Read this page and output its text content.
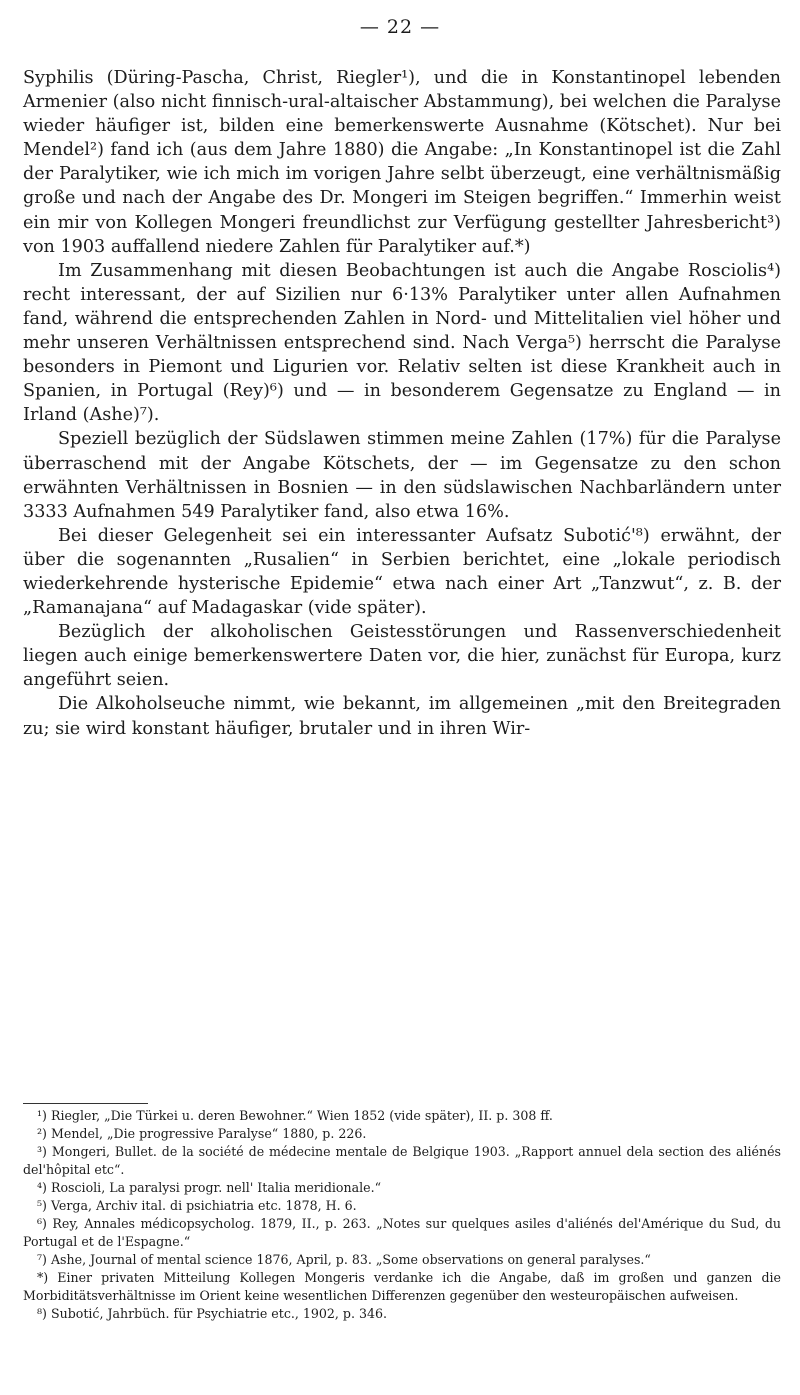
— 22 —

Syphilis (Düring-Pascha, Christ, Riegler¹), und die in Konstantinopel lebenden Armenier (also nicht finnisch-ural-altaischer Abstammung), bei welchen die Paralyse wieder häufiger ist, bilden eine bemerkenswerte Ausnahme (Kötschet). Nur bei Mendel²) fand ich (aus dem Jahre 1880) die Angabe: „In Konstantinopel ist die Zahl der Paralytiker, wie ich mich im vorigen Jahre selbt überzeugt, eine verhältnismäßig große und nach der Angabe des Dr. Mongeri im Steigen begriffen.“ Immerhin weist ein mir von Kollegen Mongeri freundlichst zur Verfügung gestellter Jahresbericht³) von 1903 auffallend niedere Zahlen für Paralytiker auf.*)

Im Zusammenhang mit diesen Beobachtungen ist auch die Angabe Rosciolis⁴) recht interessant, der auf Sizilien nur 6·13% Paralytiker unter allen Aufnahmen fand, während die entsprechenden Zahlen in Nord- und Mittelitalien viel höher und mehr unseren Verhältnissen entsprechend sind. Nach Verga⁵) herrscht die Paralyse besonders in Piemont und Ligurien vor. Relativ selten ist diese Krankheit auch in Spanien, in Portugal (Rey)⁶) und — in besonderem Gegensatze zu England — in Irland (Ashe)⁷).

Speziell bezüglich der Südslawen stimmen meine Zahlen (17%) für die Paralyse überraschend mit der Angabe Kötschets, der — im Gegensatze zu den schon erwähnten Verhältnissen in Bosnien — in den südslawischen Nachbarländern unter 3333 Aufnahmen 549 Paralytiker fand, also etwa 16%.

Bei dieser Gelegenheit sei ein interessanter Aufsatz Subotić'⁸) erwähnt, der über die sogenannten „Rusalien“ in Serbien berichtet, eine „lokale periodisch wiederkehrende hysterische Epidemie“ etwa nach einer Art „Tanzwut“, z. B. der „Ramanajana“ auf Madagaskar (vide später).

Bezüglich der alkoholischen Geistesstörungen und Rassenverschiedenheit liegen auch einige bemerkenswertere Daten vor, die hier, zunächst für Europa, kurz angeführt seien.

Die Alkoholseuche nimmt, wie bekannt, im allgemeinen „mit den Breitegraden zu; sie wird konstant häufiger, brutaler und in ihren Wir-

¹) Riegler, „Die Türkei u. deren Bewohner.“ Wien 1852 (vide später), II. p. 308 ff.

²) Mendel, „Die progressive Paralyse“ 1880, p. 226.

³) Mongeri, Bullet. de la société de médecine mentale de Belgique 1903. „Rapport annuel dela section des aliénés del'hôpital etc“.

⁴) Roscioli, La paralysi progr. nell' Italia meridionale.“

⁵) Verga, Archiv ital. di psichiatria etc. 1878, H. 6.

⁶) Rey, Annales médicopsycholog. 1879, II., p. 263. „Notes sur quelques asiles d'aliénés del'Amérique du Sud, du Portugal et de l'Espagne.“

⁷) Ashe, Journal of mental science 1876, April, p. 83. „Some observations on general paralyses.“

*) Einer privaten Mitteilung Kollegen Mongeris verdanke ich die Angabe, daß im großen und ganzen die Morbiditätsverhältnisse im Orient keine wesentlichen Differenzen gegenüber den westeuropäischen aufweisen.

⁸) Subotić, Jahrbüch. für Psychiatrie etc., 1902, p. 346.
